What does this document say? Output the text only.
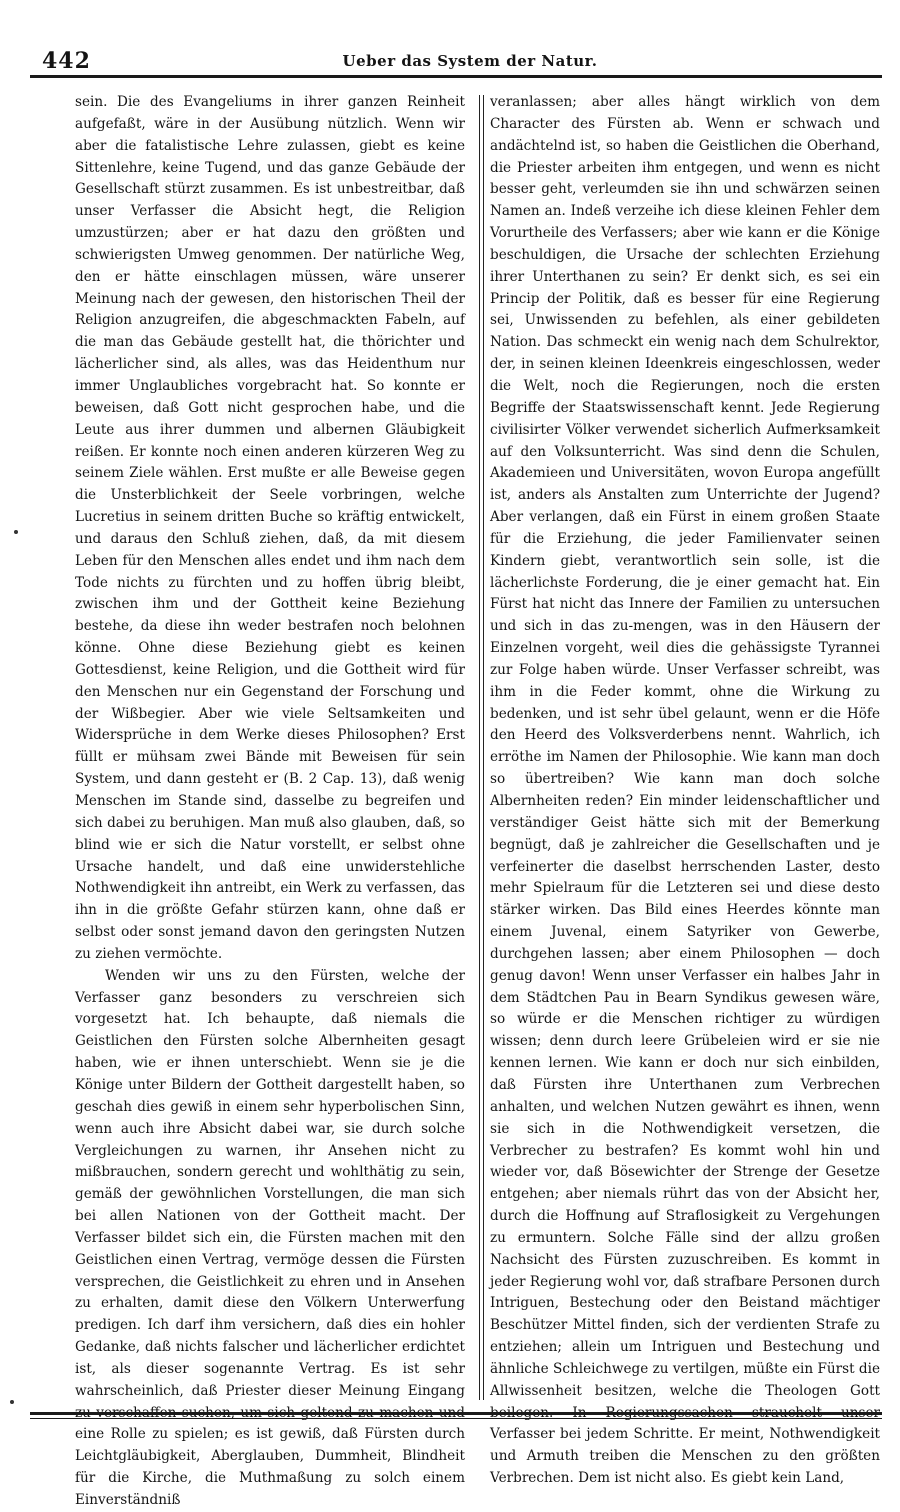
442	Ueber das System der Natur.

sein. Die des Evangeliums in ihrer ganzen Reinheit aufgefaßt, wäre in der Ausübung nützlich. Wenn wir aber die fatalistische Lehre zulassen, giebt es keine Sittenlehre, keine Tugend, und das ganze Gebäude der Gesellschaft stürzt zusammen. Es ist unbestreitbar, daß unser Verfasser die Absicht hegt, die Religion umzustürzen; aber er hat dazu den größten und schwierigsten Umweg genommen. Der natürliche Weg, den er hätte einschlagen müssen, wäre unserer Meinung nach der gewesen, den historischen Theil der Religion anzugreifen, die abgeschmackten Fabeln, auf die man das Gebäude gestellt hat, die thörichter und lächerlicher sind, als alles, was das Heidenthum nur immer Unglaubliches vorgebracht hat. So konnte er beweisen, daß Gott nicht gesprochen habe, und die Leute aus ihrer dummen und albernen Gläubigkeit reißen. Er konnte noch einen anderen kürzeren Weg zu seinem Ziele wählen. Erst mußte er alle Beweise gegen die Unsterblichkeit der Seele vorbringen, welche Lucretius in seinem dritten Buche so kräftig entwickelt, und daraus den Schluß ziehen, daß, da mit diesem Leben für den Menschen alles endet und ihm nach dem Tode nichts zu fürchten und zu hoffen übrig bleibt, zwischen ihm und der Gottheit keine Beziehung bestehe, da diese ihn weder bestrafen noch belohnen könne. Ohne diese Beziehung giebt es keinen Gottesdienst, keine Religion, und die Gottheit wird für den Menschen nur ein Gegenstand der Forschung und der Wißbegier. Aber wie viele Seltsamkeiten und Widersprüche in dem Werke dieses Philosophen? Erst füllt er mühsam zwei Bände mit Beweisen für sein System, und dann gesteht er (B. 2 Cap. 13), daß wenig Menschen im Stande sind, dasselbe zu begreifen und sich dabei zu beruhigen. Man muß also glauben, daß, so blind wie er sich die Natur vorstellt, er selbst ohne Ursache handelt, und daß eine unwiderstehliche Nothwendigkeit ihn antreibt, ein Werk zu verfassen, das ihn in die größte Gefahr stürzen kann, ohne daß er selbst oder sonst jemand davon den geringsten Nutzen zu ziehen vermöchte.

Wenden wir uns zu den Fürsten, welche der Verfasser ganz besonders zu verschreien sich vorgesetzt hat. Ich behaupte, daß niemals die Geistlichen den Fürsten solche Albernheiten gesagt haben, wie er ihnen unterschiebt. Wenn sie je die Könige unter Bildern der Gottheit dargestellt haben, so geschah dies gewiß in einem sehr hyperbolischen Sinn, wenn auch ihre Absicht dabei war, sie durch solche Vergleichungen zu warnen, ihr Ansehen nicht zu mißbrauchen, sondern gerecht und wohlthätig zu sein, gemäß der gewöhnlichen Vorstellungen, die man sich bei allen Nationen von der Gottheit macht. Der Verfasser bildet sich ein, die Fürsten machen mit den Geistlichen einen Vertrag, vermöge dessen die Fürsten versprechen, die Geistlichkeit zu ehren und in Ansehen zu erhalten, damit diese den Völkern Unterwerfung predigen. Ich darf ihm versichern, daß dies ein hohler Gedanke, daß nichts falscher und lächerlicher erdichtet ist, als dieser sogenannte Vertrag. Es ist sehr wahrscheinlich, daß Priester dieser Meinung Eingang zu verschaffen suchen, um sich geltend zu machen und eine Rolle zu spielen; es ist gewiß, daß Fürsten durch Leichtgläubigkeit, Aberglauben, Dummheit, Blindheit für die Kirche, die Muthmaßung zu solch einem Einverständniß

veranlassen; aber alles hängt wirklich von dem Character des Fürsten ab. Wenn er schwach und andächtelnd ist, so haben die Geistlichen die Oberhand, die Priester arbeiten ihm entgegen, und wenn es nicht besser geht, verleumden sie ihn und schwärzen seinen Namen an. Indeß verzeihe ich diese kleinen Fehler dem Vorurtheile des Verfassers; aber wie kann er die Könige beschuldigen, die Ursache der schlechten Erziehung ihrer Unterthanen zu sein? Er denkt sich, es sei ein Princip der Politik, daß es besser für eine Regierung sei, Unwissenden zu befehlen, als einer gebildeten Nation. Das schmeckt ein wenig nach dem Schulrektor, der, in seinen kleinen Ideenkreis eingeschlossen, weder die Welt, noch die Regierungen, noch die ersten Begriffe der Staatswissenschaft kennt. Jede Regierung civilisirter Völker verwendet sicherlich Aufmerksamkeit auf den Volksunterricht. Was sind denn die Schulen, Akademieen und Universitäten, wovon Europa angefüllt ist, anders als Anstalten zum Unterrichte der Jugend? Aber verlangen, daß ein Fürst in einem großen Staate für die Erziehung, die jeder Familienvater seinen Kindern giebt, verantwortlich sein solle, ist die lächerlichste Forderung, die je einer gemacht hat. Ein Fürst hat nicht das Innere der Familien zu untersuchen und sich in das zu-mengen, was in den Häusern der Einzelnen vorgeht, weil dies die gehässigste Tyrannei zur Folge haben würde. Unser Verfasser schreibt, was ihm in die Feder kommt, ohne die Wirkung zu bedenken, und ist sehr übel gelaunt, wenn er die Höfe den Heerd des Volksverderbens nennt. Wahrlich, ich erröthe im Namen der Philosophie. Wie kann man doch so übertreiben? Wie kann man doch solche Albernheiten reden? Ein minder leidenschaftlicher und verständiger Geist hätte sich mit der Bemerkung begnügt, daß je zahlreicher die Gesellschaften und je verfeinerter die daselbst herrschenden Laster, desto mehr Spielraum für die Letzteren sei und diese desto stärker wirken. Das Bild eines Heerdes könnte man einem Juvenal, einem Satyriker von Gewerbe, durchgehen lassen; aber einem Philosophen — doch genug davon! Wenn unser Verfasser ein halbes Jahr in dem Städtchen Pau in Bearn Syndikus gewesen wäre, so würde er die Menschen richtiger zu würdigen wissen; denn durch leere Grübeleien wird er sie nie kennen lernen. Wie kann er doch nur sich einbilden, daß Fürsten ihre Unterthanen zum Verbrechen anhalten, und welchen Nutzen gewährt es ihnen, wenn sie sich in die Nothwendigkeit versetzen, die Verbrecher zu bestrafen? Es kommt wohl hin und wieder vor, daß Bösewichter der Strenge der Gesetze entgehen; aber niemals rührt das von der Absicht her, durch die Hoffnung auf Straflosigkeit zu Vergehungen zu ermuntern. Solche Fälle sind der allzu großen Nachsicht des Fürsten zuzuschreiben. Es kommt in jeder Regierung wohl vor, daß strafbare Personen durch Intriguen, Bestechung oder den Beistand mächtiger Beschützer Mittel finden, sich der verdienten Strafe zu entziehen; allein um Intriguen und Bestechung und ähnliche Schleichwege zu vertilgen, müßte ein Fürst die Allwissenheit besitzen, welche die Theologen Gott beilegen. In Regierungssachen strauchelt unser Verfasser bei jedem Schritte. Er meint, Nothwendigkeit und Armuth treiben die Menschen zu den größten Verbrechen. Dem ist nicht also. Es giebt kein Land,
